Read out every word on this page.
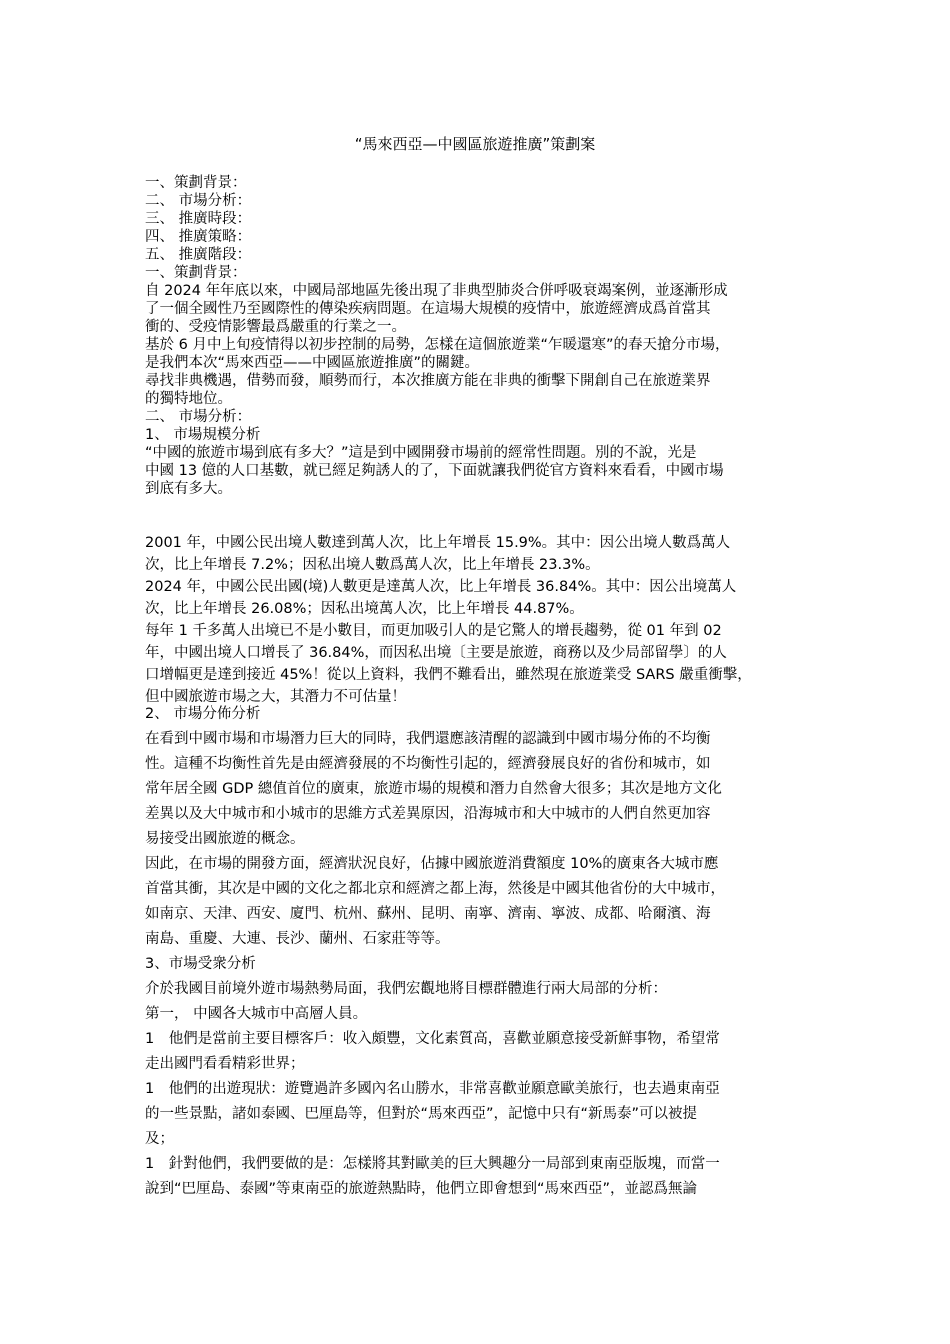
“馬來西亞—中國區旅遊推廣”策劃案
一、策劃背景：
二、 市場分析：
三、 推廣時段：
四、 推廣策略：
五、 推廣階段：
一、策劃背景：
自 2024 年年底以來，中國局部地區先後出現了非典型肺炎合併呼吸衰竭案例，並逐漸形成
了一個全國性乃至國際性的傳染疾病問題。在這場大規模的疫情中，旅遊經濟成爲首當其
衝的、受疫情影響最爲嚴重的行業之一。
基於 6 月中上旬疫情得以初步控制的局勢，怎樣在這個旅遊業“乍暖還寒”的春天搶分市場，
是我們本次“馬來西亞——中國區旅遊推廣”的關鍵。
尋找非典機遇，借勢而發，順勢而行，本次推廣方能在非典的衝擊下開創自己在旅遊業界
的獨特地位。
二、 市場分析：
1、 市場規模分析
“中國的旅遊市場到底有多大？”這是到中國開發市場前的經常性問題。別的不說，光是
中國 13 億的人口基數，就已經足夠誘人的了，下面就讓我們從官方資料來看看，中國市場
到底有多大。
2001 年，中國公民出境人數達到萬人次，比上年增長 15.9%。其中：因公出境人數爲萬人
次，比上年增長 7.2%；因私出境人數爲萬人次，比上年增長 23.3%。
2024 年，中國公民出國(境)人數更是達萬人次，比上年增長 36.84%。其中：因公出境萬人
次，比上年增長 26.08%；因私出境萬人次，比上年增長 44.87%。
每年 1 千多萬人出境已不是小數目，而更加吸引人的是它驚人的增長趨勢，從 01 年到 02
年，中國出境人口增長了 36.84%，而因私出境〔主要是旅遊，商務以及少局部留學〕的人
口增幅更是達到接近 45%！從以上資料，我們不難看出，雖然現在旅遊業受 SARS 嚴重衝擊，
但中國旅遊市場之大，其潛力不可估量！
2、 市場分佈分析
在看到中國市場和市場潛力巨大的同時，我們還應該清醒的認識到中國市場分佈的不均衡
性。這種不均衡性首先是由經濟發展的不均衡性引起的，經濟發展良好的省份和城市，如
常年居全國 GDP 總值首位的廣東，旅遊市場的規模和潛力自然會大很多；其次是地方文化
差異以及大中城市和小城市的思維方式差異原因，沿海城市和大中城市的人們自然更加容
易接受出國旅遊的概念。
因此，在市場的開發方面，經濟狀況良好，佔據中國旅遊消費額度 10%的廣東各大城市應
首當其衝，其次是中國的文化之都北京和經濟之都上海，然後是中國其他省份的大中城市，
如南京、天津、西安、廈門、杭州、蘇州、昆明、南寧、濟南、寧波、成都、哈爾濱、海
南島、重慶、大連、長沙、蘭州、石家莊等等。
3、市場受衆分析
介於我國目前境外遊市場熱勢局面，我們宏觀地將目標群體進行兩大局部的分析：
第一， 中國各大城市中高層人員。
1　他們是當前主要目標客戶：收入頗豐，文化素質高，喜歡並願意接受新鮮事物，希望常
走出國門看看精彩世界；
1　他們的出遊現狀：遊覽過許多國內名山勝水，非常喜歡並願意歐美旅行，也去過東南亞
的一些景點，諸如泰國、巴厘島等，但對於“馬來西亞”，記憶中只有“新馬泰”可以被提
及；
1　針對他們，我們要做的是：怎樣將其對歐美的巨大興趣分一局部到東南亞版塊，而當一
說到“巴厘島、泰國”等東南亞的旅遊熱點時，他們立即會想到“馬來西亞”，並認爲無論
